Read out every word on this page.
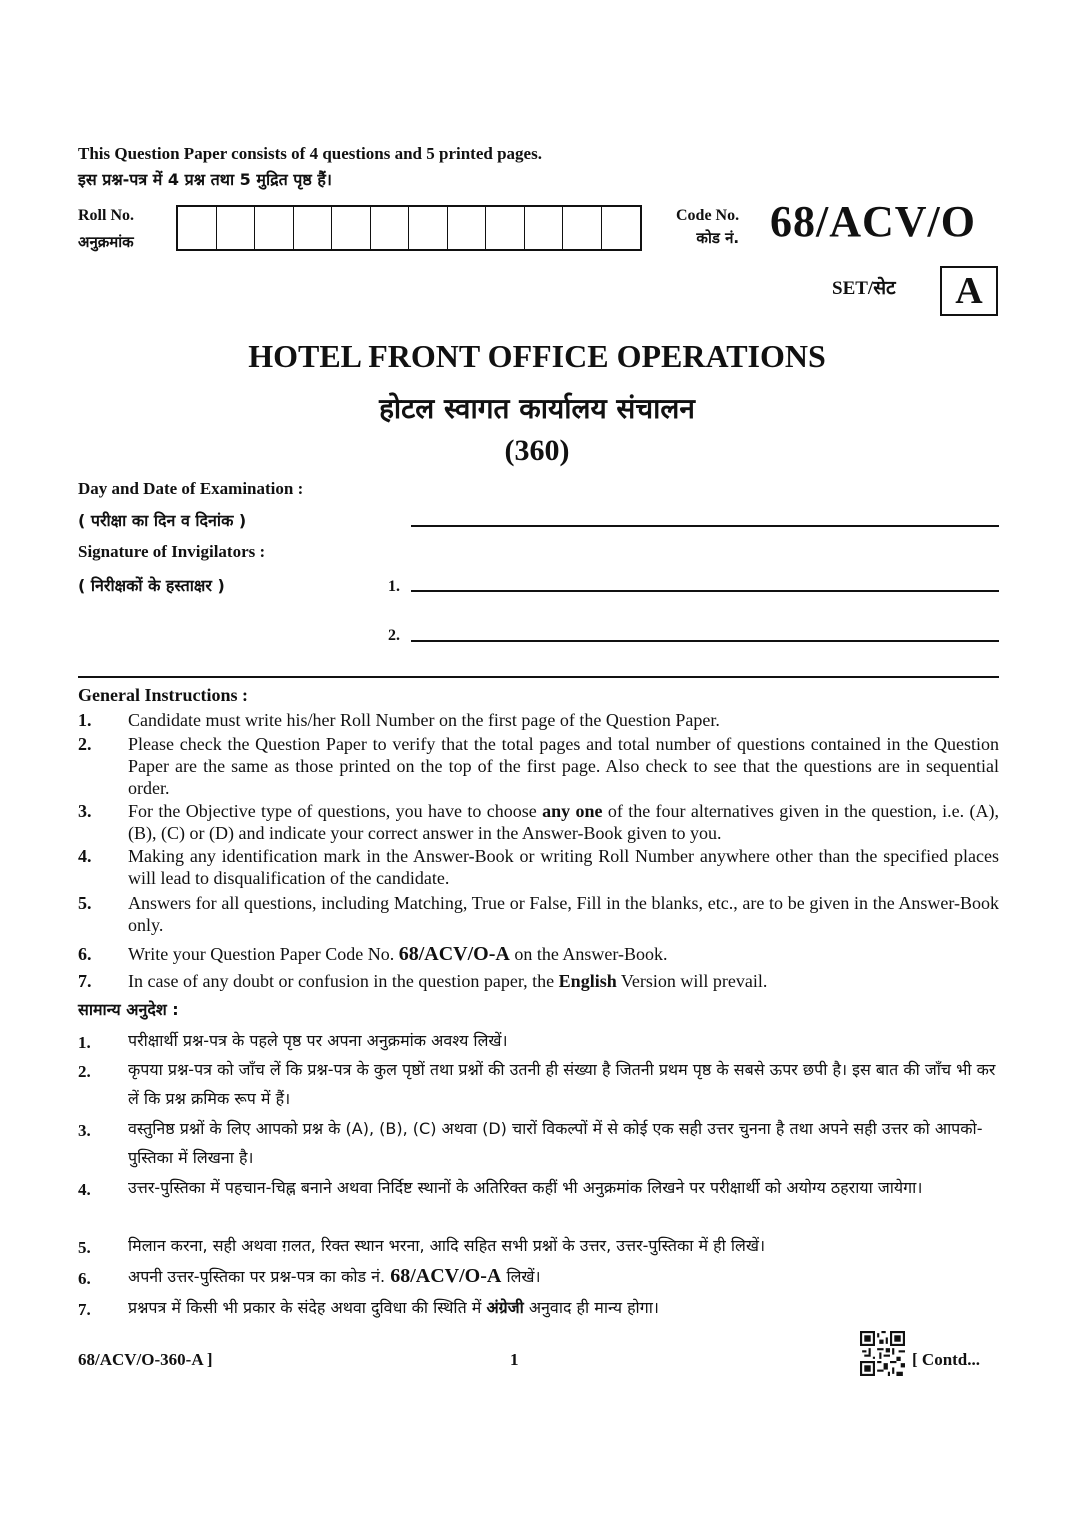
This Question Paper consists of 4 questions and 5 printed pages.
इस प्रश्न-पत्र में 4 प्रश्न तथा 5 मुद्रित पृष्ठ हैं।
Roll No.
अनुक्रमांक
Code No.
कोड नं. 68/ACV/O
SET/सेट	A
HOTEL FRONT OFFICE OPERATIONS
होटल स्वागत कार्यालय संचालन
(360)
Day and Date of Examination :
( परीक्षा का दिन व दिनांक )
Signature of Invigilators :
( निरीक्षकों के हस्ताक्षर )	1.
2.
General Instructions :
1. Candidate must write his/her Roll Number on the first page of the Question Paper.
2. Please check the Question Paper to verify that the total pages and total number of questions contained in the Question Paper are the same as those printed on the top of the first page. Also check to see that the questions are in sequential order.
3. For the Objective type of questions, you have to choose any one of the four alternatives given in the question, i.e. (A), (B), (C) or (D) and indicate your correct answer in the Answer-Book given to you.
4. Making any identification mark in the Answer-Book or writing Roll Number anywhere other than the specified places will lead to disqualification of the candidate.
5. Answers for all questions, including Matching, True or False, Fill in the blanks, etc., are to be given in the Answer-Book only.
6. Write your Question Paper Code No. 68/ACV/O-A on the Answer-Book.
7. In case of any doubt or confusion in the question paper, the English Version will prevail.
सामान्य अनुदेश :
1. परीक्षार्थी प्रश्न-पत्र के पहले पृष्ठ पर अपना अनुक्रमांक अवश्य लिखें।
2. कृपया प्रश्न-पत्र को जाँच लें कि प्रश्न-पत्र के कुल पृष्ठों तथा प्रश्नों की उतनी ही संख्या है जितनी प्रथम पृष्ठ के सबसे ऊपर छपी है। इस बात की जाँच भी कर लें कि प्रश्न क्रमिक रूप में हैं।
3. वस्तुनिष्ठ प्रश्नों के लिए आपको प्रश्न के (A), (B), (C) अथवा (D) चारों विकल्पों में से कोई एक सही उत्तर चुनना है तथा अपने सही उत्तर को आपको-पुस्तिका में लिखना है।
4. उत्तर-पुस्तिका में पहचान-चिह्न बनाने अथवा निर्दिष्ट स्थानों के अतिरिक्त कहीं भी अनुक्रमांक लिखने पर परीक्षार्थी को अयोग्य ठहराया जायेगा।
5. मिलान करना, सही अथवा ग़लत, रिक्त स्थान भरना, आदि सहित सभी प्रश्नों के उत्तर, उत्तर-पुस्तिका में ही लिखें।
6. अपनी उत्तर-पुस्तिका पर प्रश्न-पत्र का कोड नं. 68/ACV/O-A लिखें।
7. प्रश्नपत्र में किसी भी प्रकार के संदेह अथवा दुविधा की स्थिति में अंग्रेजी अनुवाद ही मान्य होगा।
68/ACV/O-360-A ]	1	[ Contd...
